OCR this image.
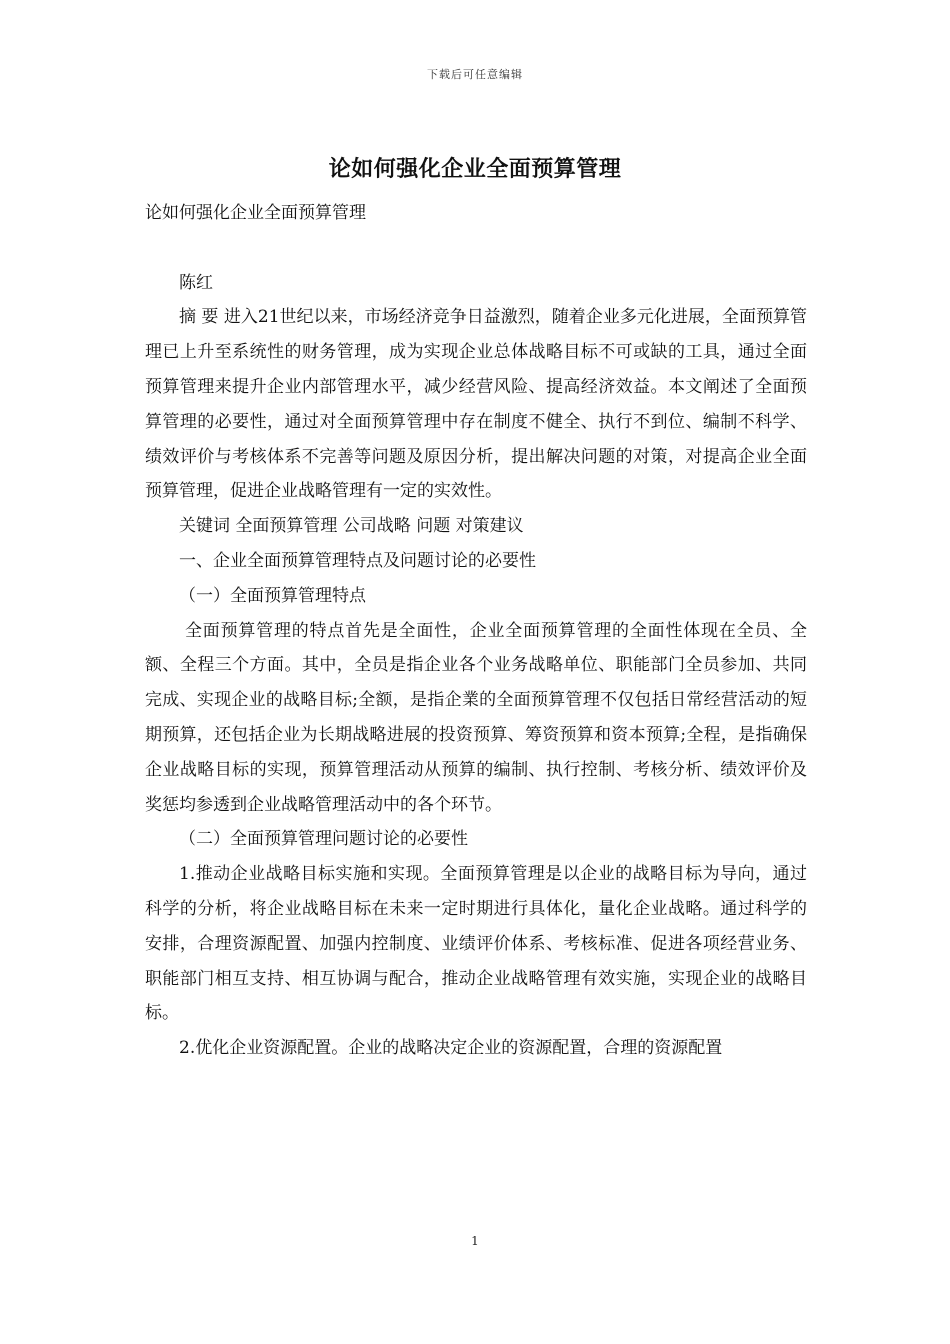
下载后可任意编辑
论如何强化企业全面预算管理

论如何强化企业全面预算管理

陈红

摘 要 进入21世纪以来，市场经济竞争日益激烈，随着企业多元化进展，全面预算管理已上升至系统性的财务管理，成为实现企业总体战略目标不可或缺的工具，通过全面预算管理来提升企业内部管理水平，减少经营风险、提高经济效益。本文阐述了全面预算管理的必要性，通过对全面预算管理中存在制度不健全、执行不到位、编制不科学、绩效评价与考核体系不完善等问题及原因分析，提出解决问题的对策，对提高企业全面预算管理，促进企业战略管理有一定的实效性。

关键词 全面预算管理 公司战略 问题 对策建议

一、企业全面预算管理特点及问题讨论的必要性

（一）全面预算管理特点

全面预算管理的特点首先是全面性，企业全面预算管理的全面性体现在全员、全额、全程三个方面。其中，全员是指企业各个业务战略单位、职能部门全员参加、共同完成、实现企业的战略目标;全额，是指企業的全面预算管理不仅包括日常经营活动的短期预算，还包括企业为长期战略进展的投资预算、筹资预算和资本预算;全程，是指确保企业战略目标的实现，预算管理活动从预算的编制、执行控制、考核分析、绩效评价及奖惩均参透到企业战略管理活动中的各个环节。

（二）全面预算管理问题讨论的必要性

1.推动企业战略目标实施和实现。全面预算管理是以企业的战略目标为导向，通过科学的分析，将企业战略目标在未来一定时期进行具体化，量化企业战略。通过科学的安排，合理资源配置、加强内控制度、业绩评价体系、考核标准、促进各项经营业务、职能部门相互支持、相互协调与配合，推动企业战略管理有效实施，实现企业的战略目标。

2.优化企业资源配置。企业的战略决定企业的资源配置，合理的资源配置

1
